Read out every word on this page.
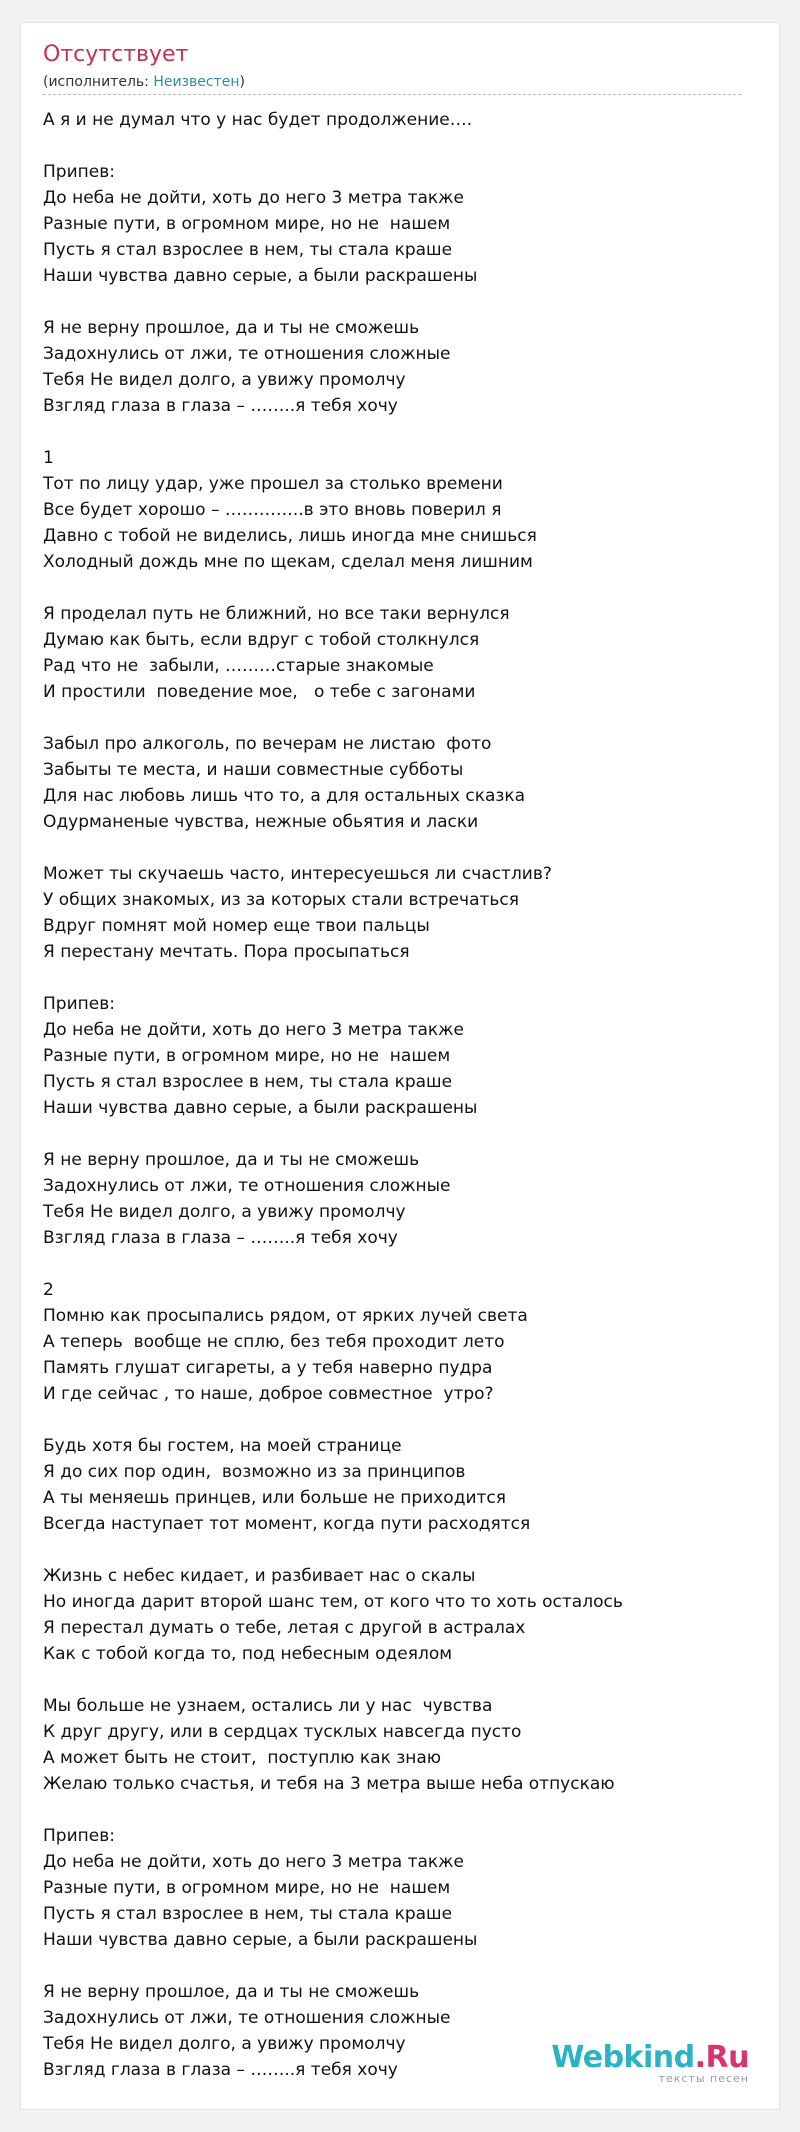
Отсутствует
(исполнитель: Неизвестен)
А я и не думал что у нас будет продолжение….
Припев:
До неба не дойти, хоть до него 3 метра также
Разные пути, в огромном мире, но не  нашем
Пусть я стал взрослее в нем, ты стала краше
Наши чувства давно серые, а были раскрашены
Я не верну прошлое, да и ты не сможешь
Задохнулись от лжи, те отношения сложные
Тебя Не видел долго, а увижу промолчу
Взгляд глаза в глаза – ……..я тебя хочу
1
Тот по лицу удар, уже прошел за столько времени
Все будет хорошо – …………..в это вновь поверил я
Давно с тобой не виделись, лишь иногда мне снишься
Холодный дождь мне по щекам, сделал меня лишним
Я проделал путь не ближний, но все таки вернулся
Думаю как быть, если вдруг с тобой столкнулся
Рад что не  забыли, ………старые знакомые
И простили  поведение мое,   о тебе с загонами
Забыл про алкоголь, по вечерам не листаю  фото
Забыты те места, и наши совместные субботы
Для нас любовь лишь что то, а для остальных сказка
Одурманеные чувства, нежные обьятия и ласки
Может ты скучаешь часто, интересуешься ли счастлив?
У общих знакомых, из за которых стали встречаться
Вдруг помнят мой номер еще твои пальцы
Я перестану мечтать. Пора просыпаться
Припев:
До неба не дойти, хоть до него 3 метра также
Разные пути, в огромном мире, но не  нашем
Пусть я стал взрослее в нем, ты стала краше
Наши чувства давно серые, а были раскрашены
Я не верну прошлое, да и ты не сможешь
Задохнулись от лжи, те отношения сложные
Тебя Не видел долго, а увижу промолчу
Взгляд глаза в глаза – ……..я тебя хочу
2
Помню как просыпались рядом, от ярких лучей света
А теперь  вообще не сплю, без тебя проходит лето
Память глушат сигареты, а у тебя наверно пудра
И где сейчас , то наше, доброе совместное  утро?
Будь хотя бы гостем, на моей странице
Я до сих пор один,  возможно из за принципов
А ты меняешь принцев, или больше не приходится
Всегда наступает тот момент, когда пути расходятся
Жизнь с небес кидает, и разбивает нас о скалы
Но иногда дарит второй шанс тем, от кого что то хоть осталось
Я перестал думать о тебе, летая с другой в астралах
Как с тобой когда то, под небесным одеялом
Мы больше не узнаем, остались ли у нас  чувства
К друг другу, или в сердцах тусклых навсегда пусто
А может быть не стоит,  поступлю как знаю
Желаю только счастья, и тебя на 3 метра выше неба отпускаю
Припев:
До неба не дойти, хоть до него 3 метра также
Разные пути, в огромном мире, но не  нашем
Пусть я стал взрослее в нем, ты стала краше
Наши чувства давно серые, а были раскрашены
Я не верну прошлое, да и ты не сможешь
Задохнулись от лжи, те отношения сложные
Тебя Не видел долго, а увижу промолчу
Взгляд глаза в глаза – ……..я тебя хочу	Webkind.Ru
тексты песен
